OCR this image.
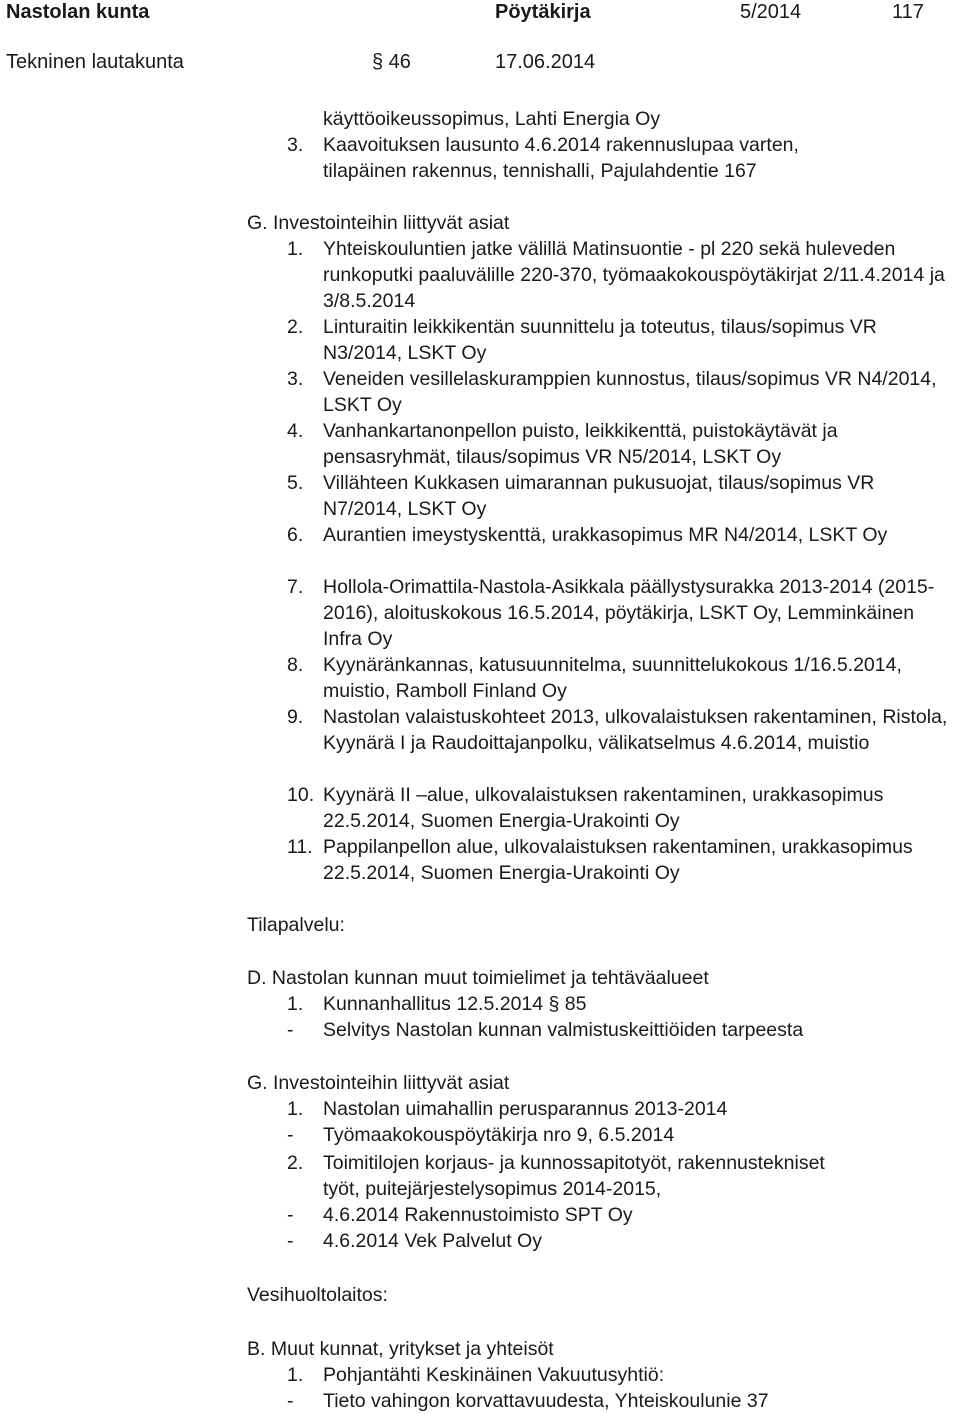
Nastolan kunta	Pöytäkirja	5/2014	117
Tekninen lautakunta	§ 46	17.06.2014
käyttöoikeussopimus, Lahti Energia Oy
3. Kaavoituksen lausunto 4.6.2014 rakennuslupaa varten,
tilapäinen rakennus, tennishalli, Pajulahdentie 167
G. Investointeihin liittyvät asiat
1. Yhteiskouluntien jatke välillä Matinsuontie - pl 220 sekä huleveden runkoputki paaluvälille 220-370, työmaakokouspöytäkirjat 2/11.4.2014 ja 3/8.5.2014
2. Linturaitin leikkikentän suunnittelu ja toteutus, tilaus/sopimus VR N3/2014, LSKT Oy
3. Veneiden vesillelaskuramppien kunnostus, tilaus/sopimus VR N4/2014, LSKT Oy
4. Vanhankartanonpellon puisto, leikkikenttä, puistokäytävät ja pensasryhmät, tilaus/sopimus VR N5/2014, LSKT Oy
5. Villähteen Kukkasen uimarannan pukusuojat, tilaus/sopimus VR N7/2014, LSKT Oy
6. Aurantien imeystyskenttä, urakkasopimus MR N4/2014, LSKT Oy
7. Hollola-Orimattila-Nastola-Asikkala päällystysurakka 2013-2014 (2015-2016), aloituskokous 16.5.2014, pöytäkirja, LSKT Oy, Lemminkäinen Infra Oy
8. Kyynäränkannas, katusuunnitelma, suunnittelukokous 1/16.5.2014, muistio, Ramboll Finland Oy
9. Nastolan valaistuskohteet 2013, ulkovalaistuksen rakentaminen, Ristola, Kyynärä I ja Raudoittajanpolku, välikatselmus 4.6.2014, muistio
10. Kyynärä II –alue, ulkovalaistuksen rakentaminen, urakkasopimus 22.5.2014, Suomen Energia-Urakointi Oy
11. Pappilanpellon alue, ulkovalaistuksen rakentaminen, urakkasopimus 22.5.2014, Suomen Energia-Urakointi Oy
Tilapalvelu:
D. Nastolan kunnan muut toimielimet ja tehtäväalueet
1. Kunnanhallitus 12.5.2014 § 85
- Selvitys Nastolan kunnan valmistuskeittiöiden tarpeesta
G. Investointeihin liittyvät asiat
1. Nastolan uimahallin perusparannus 2013-2014
- Työmaakokouspöytäkirja nro 9, 6.5.2014
2. Toimitilojen korjaus- ja kunnossapitotyöt, rakennustekniset
työt, puitejärjestelysopimus 2014-2015,
- 4.6.2014 Rakennustoimisto SPT Oy
- 4.6.2014 Vek Palvelut Oy
Vesihuoltolaitos:
B. Muut kunnat, yritykset ja yhteisöt
1. Pohjantähti Keskinäinen Vakuutusyhtiö:
- Tieto vahingon korvattavuudesta, Yhteiskoulunie 37
